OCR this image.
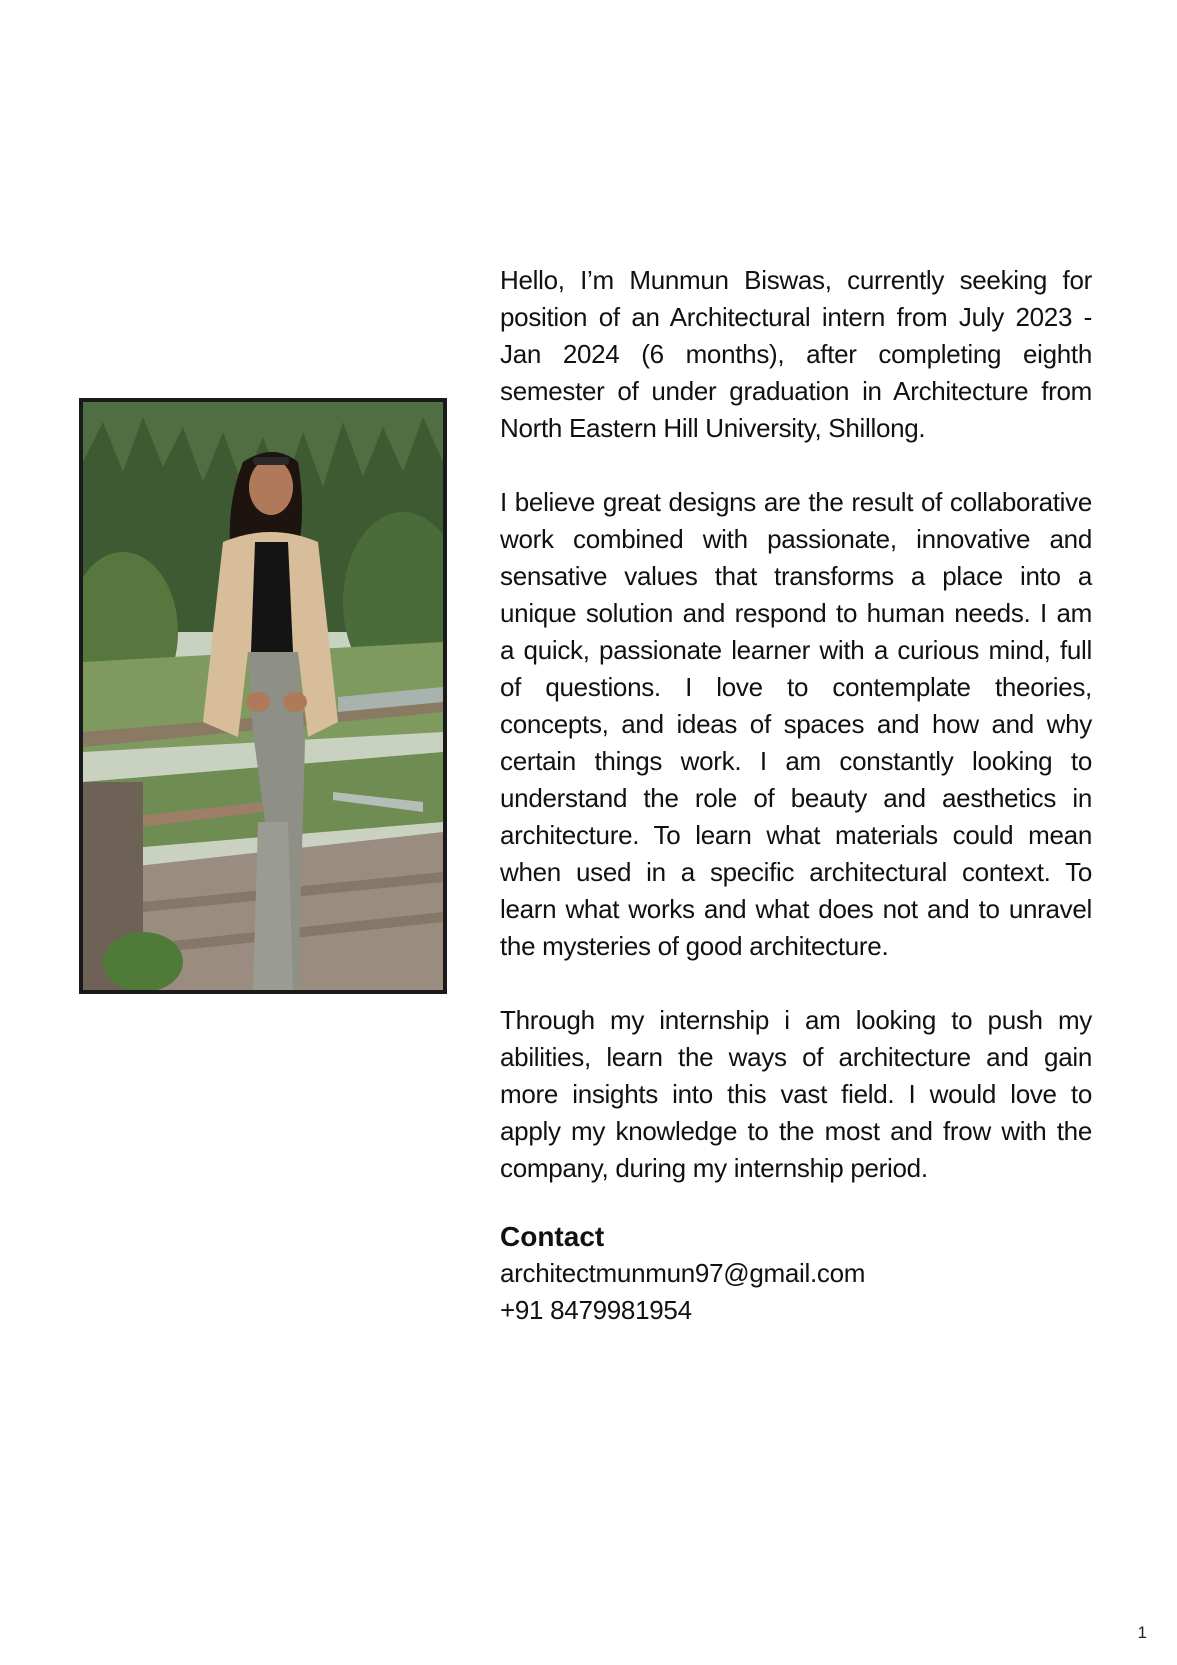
Hello, I’m Munmun Biswas, currently seeking for position of an Architectural intern from July 2023 - Jan 2024 (6 months), after completing eighth semester of under graduation in Architecture from North Eastern Hill University, Shillong.

I believe great designs are the result of collaborative work combined with passionate, innovative and sensative values that transforms a place into a unique solution and respond to human needs. I am a quick, passionate learner with a curious mind, full of questions. I love to contemplate theories, concepts, and ideas of spaces and how and why certain things work. I am constantly looking to understand the role of beauty and aesthetics in architecture. To learn what materials could mean when used in a specific architectural context. To learn what works and what does not and to unravel the mysteries of good architecture.

Through my internship i am looking to push my abilities, learn the ways of architecture and gain more insights into this vast field. I would love to apply my knowledge to the most and frow with the company, during my internship period.

Contact
architectmunmun97@gmail.com
+91 8479981954
1
